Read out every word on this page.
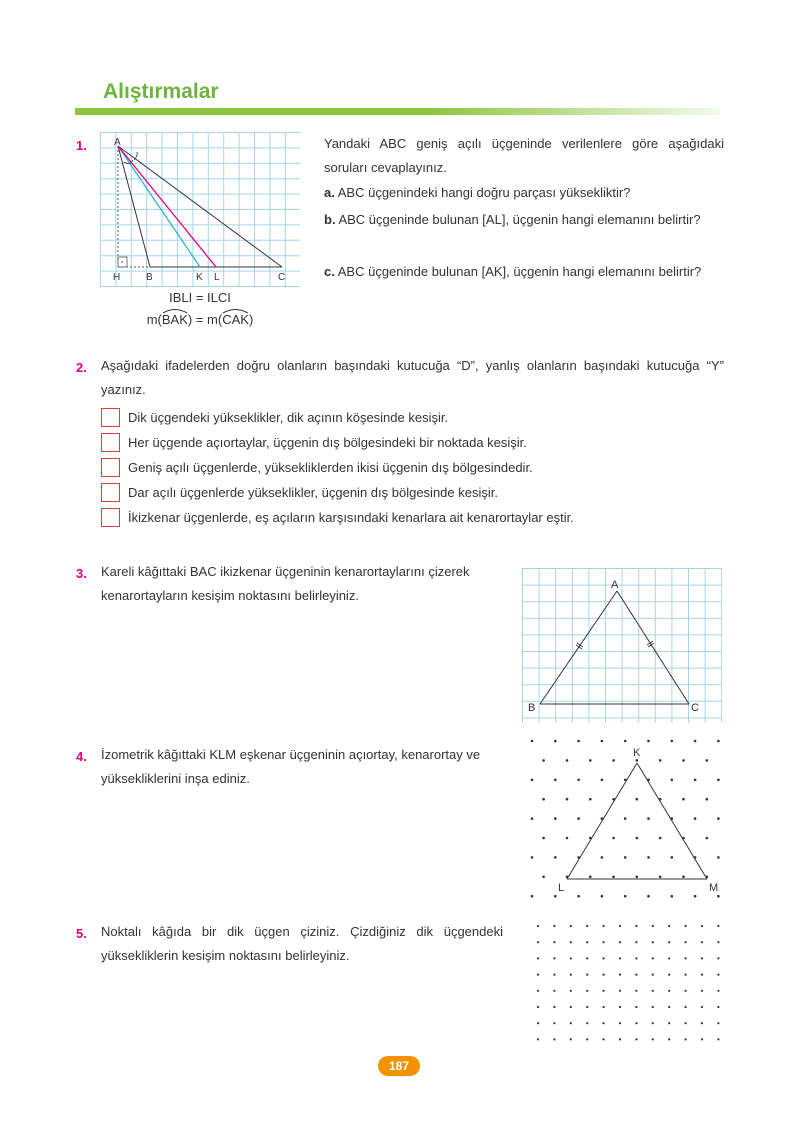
Alıştırmalar
1.	A
H	B	K L	C
IBLI = ILCI
m(
BAK) = m(
CAK)
Yandaki ABC geniş açılı üçgeninde verilenlere göre aşağıdaki soruları cevaplayınız.
a. ABC üçgenindeki hangi doğru parçası yüksekliktir?
b. ABC üçgeninde bulunan [AL], üçgenin hangi elemanını belirtir?
c. ABC üçgeninde bulunan [AK], üçgenin hangi elemanını belirtir?
2. Aşağıdaki ifadelerden doğru olanların başındaki kutucuğa “D”, yanlış olanların başındaki kutucuğa “Y” yazınız.
Dik üçgendeki yükseklikler, dik açının köşesinde kesişir.
Her üçgende açıortaylar, üçgenin dış bölgesindeki bir noktada kesişir.
Geniş açılı üçgenlerde, yüksekliklerden ikisi üçgenin dış bölgesindedir.
Dar açılı üçgenlerde yükseklikler, üçgenin dış bölgesinde kesişir.
İkizkenar üçgenlerde, eş açıların karşısındaki kenarlara ait kenarortaylar eştir.
3. Kareli kâğıttaki BAC ikizkenar üçgeninin kenarortaylarını çizerek kenarortayların kesişim noktasını belirleyiniz.
A
B	C
4. İzometrik kâğıttaki KLM eşkenar üçgeninin açıortay, kenarortay ve yüksekliklerini inşa ediniz.
K
L	M
5. Noktalı kâğıda bir dik üçgen çiziniz. Çizdiğiniz dik üçgendeki yüksekliklerin kesişim noktasını belirleyiniz.
187
